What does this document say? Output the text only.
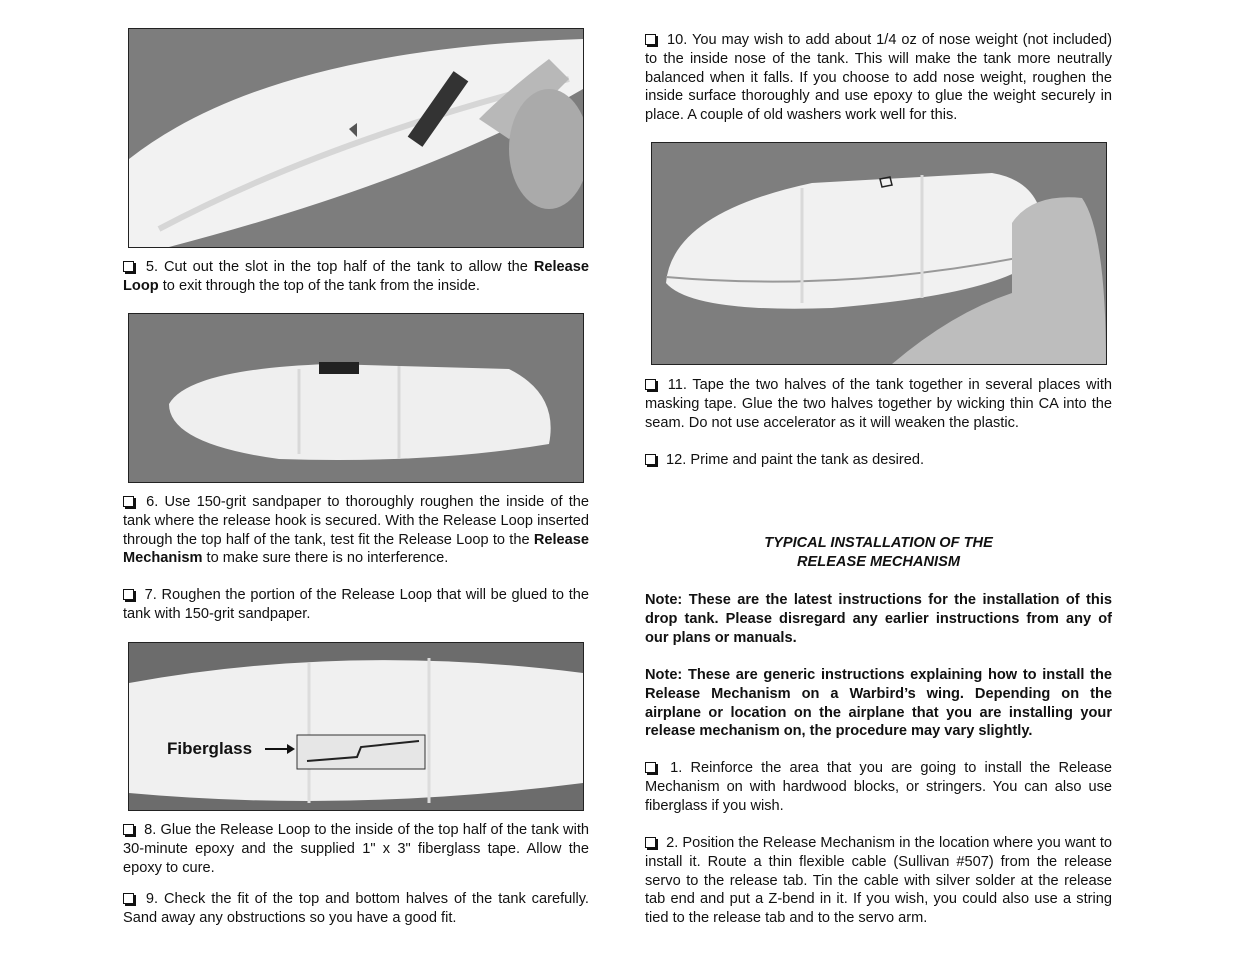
5. Cut out the slot in the top half of the tank to allow the Release Loop to exit through the top of the tank from the inside.
6. Use 150-grit sandpaper to thoroughly roughen the inside of the tank where the release hook is secured. With the Release Loop inserted through the top half of the tank, test fit the Release Loop to the Release Mechanism to make sure there is no interference.
7. Roughen the portion of the Release Loop that will be glued to the tank with 150-grit sandpaper.
Fiberglass
8. Glue the Release Loop to the inside of the top half of the tank with 30-minute epoxy and the supplied 1" x 3" fiberglass tape. Allow the epoxy to cure.
9. Check the fit of the top and bottom halves of the tank carefully. Sand away any obstructions so you have a good fit.
10. You may wish to add about 1/4 oz of nose weight (not included) to the inside nose of the tank. This will make the tank more neutrally balanced when it falls. If you choose to add nose weight, roughen the inside surface thoroughly and use epoxy to glue the weight securely in place. A couple of old washers work well for this.
11. Tape the two halves of the tank together in several places with masking tape. Glue the two halves together by wicking thin CA into the seam. Do not use accelerator as it will weaken the plastic.
12. Prime and paint the tank as desired.
TYPICAL INSTALLATION OF THE
RELEASE MECHANISM
Note: These are the latest instructions for the installation of this drop tank. Please disregard any earlier instructions from any of our plans or manuals.
Note: These are generic instructions explaining how to install the Release Mechanism on a Warbird’s wing. Depending on the airplane or location on the airplane that you are installing your release mechanism on, the procedure may vary slightly.
1. Reinforce the area that you are going to install the Release Mechanism on with hardwood blocks, or stringers. You can also use fiberglass if you wish.
2. Position the Release Mechanism in the location where you want to install it. Route a thin flexible cable (Sullivan #507) from the release servo to the release tab. Tin the cable with silver solder at the release tab end and put a Z-bend in it. If you wish, you could also use a string tied to the release tab and to the servo arm.
